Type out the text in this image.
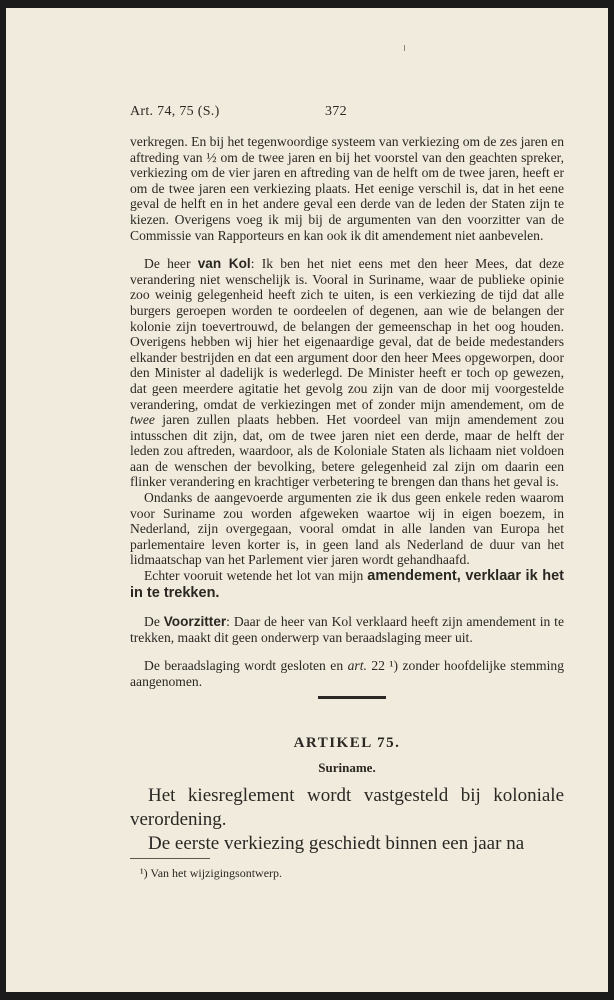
Art. 74, 75 (S.)	372

verkregen. En bij het tegenwoordige systeem van verkiezing om de zes jaren en aftreding van ½ om de twee jaren en bij het voorstel van den geachten spreker, verkiezing om de vier jaren en aftreding van de helft om de twee jaren, heeft er om de twee jaren een verkiezing plaats. Het eenige verschil is, dat in het eene geval de helft en in het andere geval een derde van de leden der Staten zijn te kiezen. Overigens voeg ik mij bij de argumenten van den voorzitter van de Commissie van Rapporteurs en kan ook ik dit amendement niet aanbevelen.

De heer van Kol: Ik ben het niet eens met den heer Mees, dat deze verandering niet wenschelijk is. Vooral in Suriname, waar de publieke opinie zoo weinig gelegenheid heeft zich te uiten, is een verkiezing de tijd dat alle burgers geroepen worden te oordeelen of degenen, aan wie de belangen der kolonie zijn toevertrouwd, de belangen der gemeenschap in het oog houden. Overigens hebben wij hier het eigenaardige geval, dat de beide medestanders elkander bestrijden en dat een argument door den heer Mees opgeworpen, door den Minister al dadelijk is wederlegd. De Minister heeft er toch op gewezen, dat geen meerdere agitatie het gevolg zou zijn van de door mij voorgestelde verandering, omdat de verkiezingen met of zonder mijn amendement, om de twee jaren zullen plaats hebben. Het voordeel van mijn amendement zou intusschen dit zijn, dat, om de twee jaren niet een derde, maar de helft der leden zou aftreden, waardoor, als de Koloniale Staten als lichaam niet voldoen aan de wenschen der bevolking, betere gelegenheid zal zijn om daarin een flinker verandering en krachtiger verbetering te brengen dan thans het geval is.

Ondanks de aangevoerde argumenten zie ik dus geen enkele reden waarom voor Suriname zou worden afgeweken waartoe wij in eigen boezem, in Nederland, zijn overgegaan, vooral omdat in alle landen van Europa het parlementaire leven korter is, in geen land als Nederland de duur van het lidmaatschap van het Parlement vier jaren wordt gehandhaafd.

Echter vooruit wetende het lot van mijn amendement, verklaar ik het in te trekken.

De Voorzitter: Daar de heer van Kol verklaard heeft zijn amendement in te trekken, maakt dit geen onderwerp van beraadslaging meer uit.

De beraadslaging wordt gesloten en art. 22 ¹) zonder hoofdelijke stemming aangenomen.

ARTIKEL 75.
Suriname.

Het kiesreglement wordt vastgesteld bij koloniale verordening.

De eerste verkiezing geschiedt binnen een jaar na

¹) Van het wijzigingsontwerp.
